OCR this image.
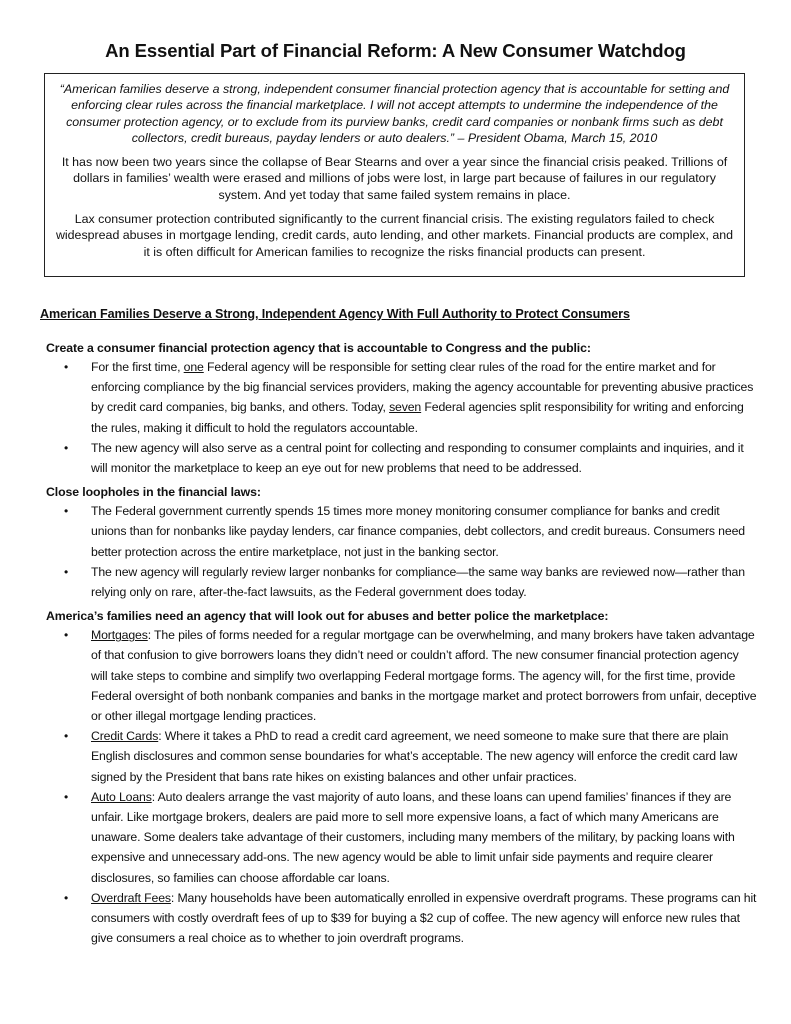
An Essential Part of Financial Reform: A New Consumer Watchdog

“American families deserve a strong, independent consumer financial protection agency that is accountable for setting and enforcing clear rules across the financial marketplace. I will not accept attempts to undermine the independence of the consumer protection agency, or to exclude from its purview banks, credit card companies or nonbank firms such as debt collectors, credit bureaus, payday lenders or auto dealers.” – President Obama, March 15, 2010

It has now been two years since the collapse of Bear Stearns and over a year since the financial crisis peaked. Trillions of dollars in families’ wealth were erased and millions of jobs were lost, in large part because of failures in our regulatory system. And yet today that same failed system remains in place.

Lax consumer protection contributed significantly to the current financial crisis. The existing regulators failed to check widespread abuses in mortgage lending, credit cards, auto lending, and other markets. Financial products are complex, and it is often difficult for American families to recognize the risks financial products can present.

American Families Deserve a Strong, Independent Agency With Full Authority to Protect Consumers

Create a consumer financial protection agency that is accountable to Congress and the public:

• For the first time, one Federal agency will be responsible for setting clear rules of the road for the entire market and for enforcing compliance by the big financial services providers, making the agency accountable for preventing abusive practices by credit card companies, big banks, and others. Today, seven Federal agencies split responsibility for writing and enforcing the rules, making it difficult to hold the regulators accountable.
• The new agency will also serve as a central point for collecting and responding to consumer complaints and inquiries, and it will monitor the marketplace to keep an eye out for new problems that need to be addressed.

Close loopholes in the financial laws:

• The Federal government currently spends 15 times more money monitoring consumer compliance for banks and credit unions than for nonbanks like payday lenders, car finance companies, debt collectors, and credit bureaus. Consumers need better protection across the entire marketplace, not just in the banking sector.
• The new agency will regularly review larger nonbanks for compliance—the same way banks are reviewed now—rather than relying only on rare, after-the-fact lawsuits, as the Federal government does today.

America’s families need an agency that will look out for abuses and better police the marketplace:

• Mortgages: The piles of forms needed for a regular mortgage can be overwhelming, and many brokers have taken advantage of that confusion to give borrowers loans they didn’t need or couldn’t afford. The new consumer financial protection agency will take steps to combine and simplify two overlapping Federal mortgage forms. The agency will, for the first time, provide Federal oversight of both nonbank companies and banks in the mortgage market and protect borrowers from unfair, deceptive or other illegal mortgage lending practices.
• Credit Cards: Where it takes a PhD to read a credit card agreement, we need someone to make sure that there are plain English disclosures and common sense boundaries for what’s acceptable. The new agency will enforce the credit card law signed by the President that bans rate hikes on existing balances and other unfair practices.
• Auto Loans: Auto dealers arrange the vast majority of auto loans, and these loans can upend families’ finances if they are unfair. Like mortgage brokers, dealers are paid more to sell more expensive loans, a fact of which many Americans are unaware. Some dealers take advantage of their customers, including many members of the military, by packing loans with expensive and unnecessary add-ons. The new agency would be able to limit unfair side payments and require clearer disclosures, so families can choose affordable car loans.
• Overdraft Fees: Many households have been automatically enrolled in expensive overdraft programs. These programs can hit consumers with costly overdraft fees of up to $39 for buying a $2 cup of coffee. The new agency will enforce new rules that give consumers a real choice as to whether to join overdraft programs.
